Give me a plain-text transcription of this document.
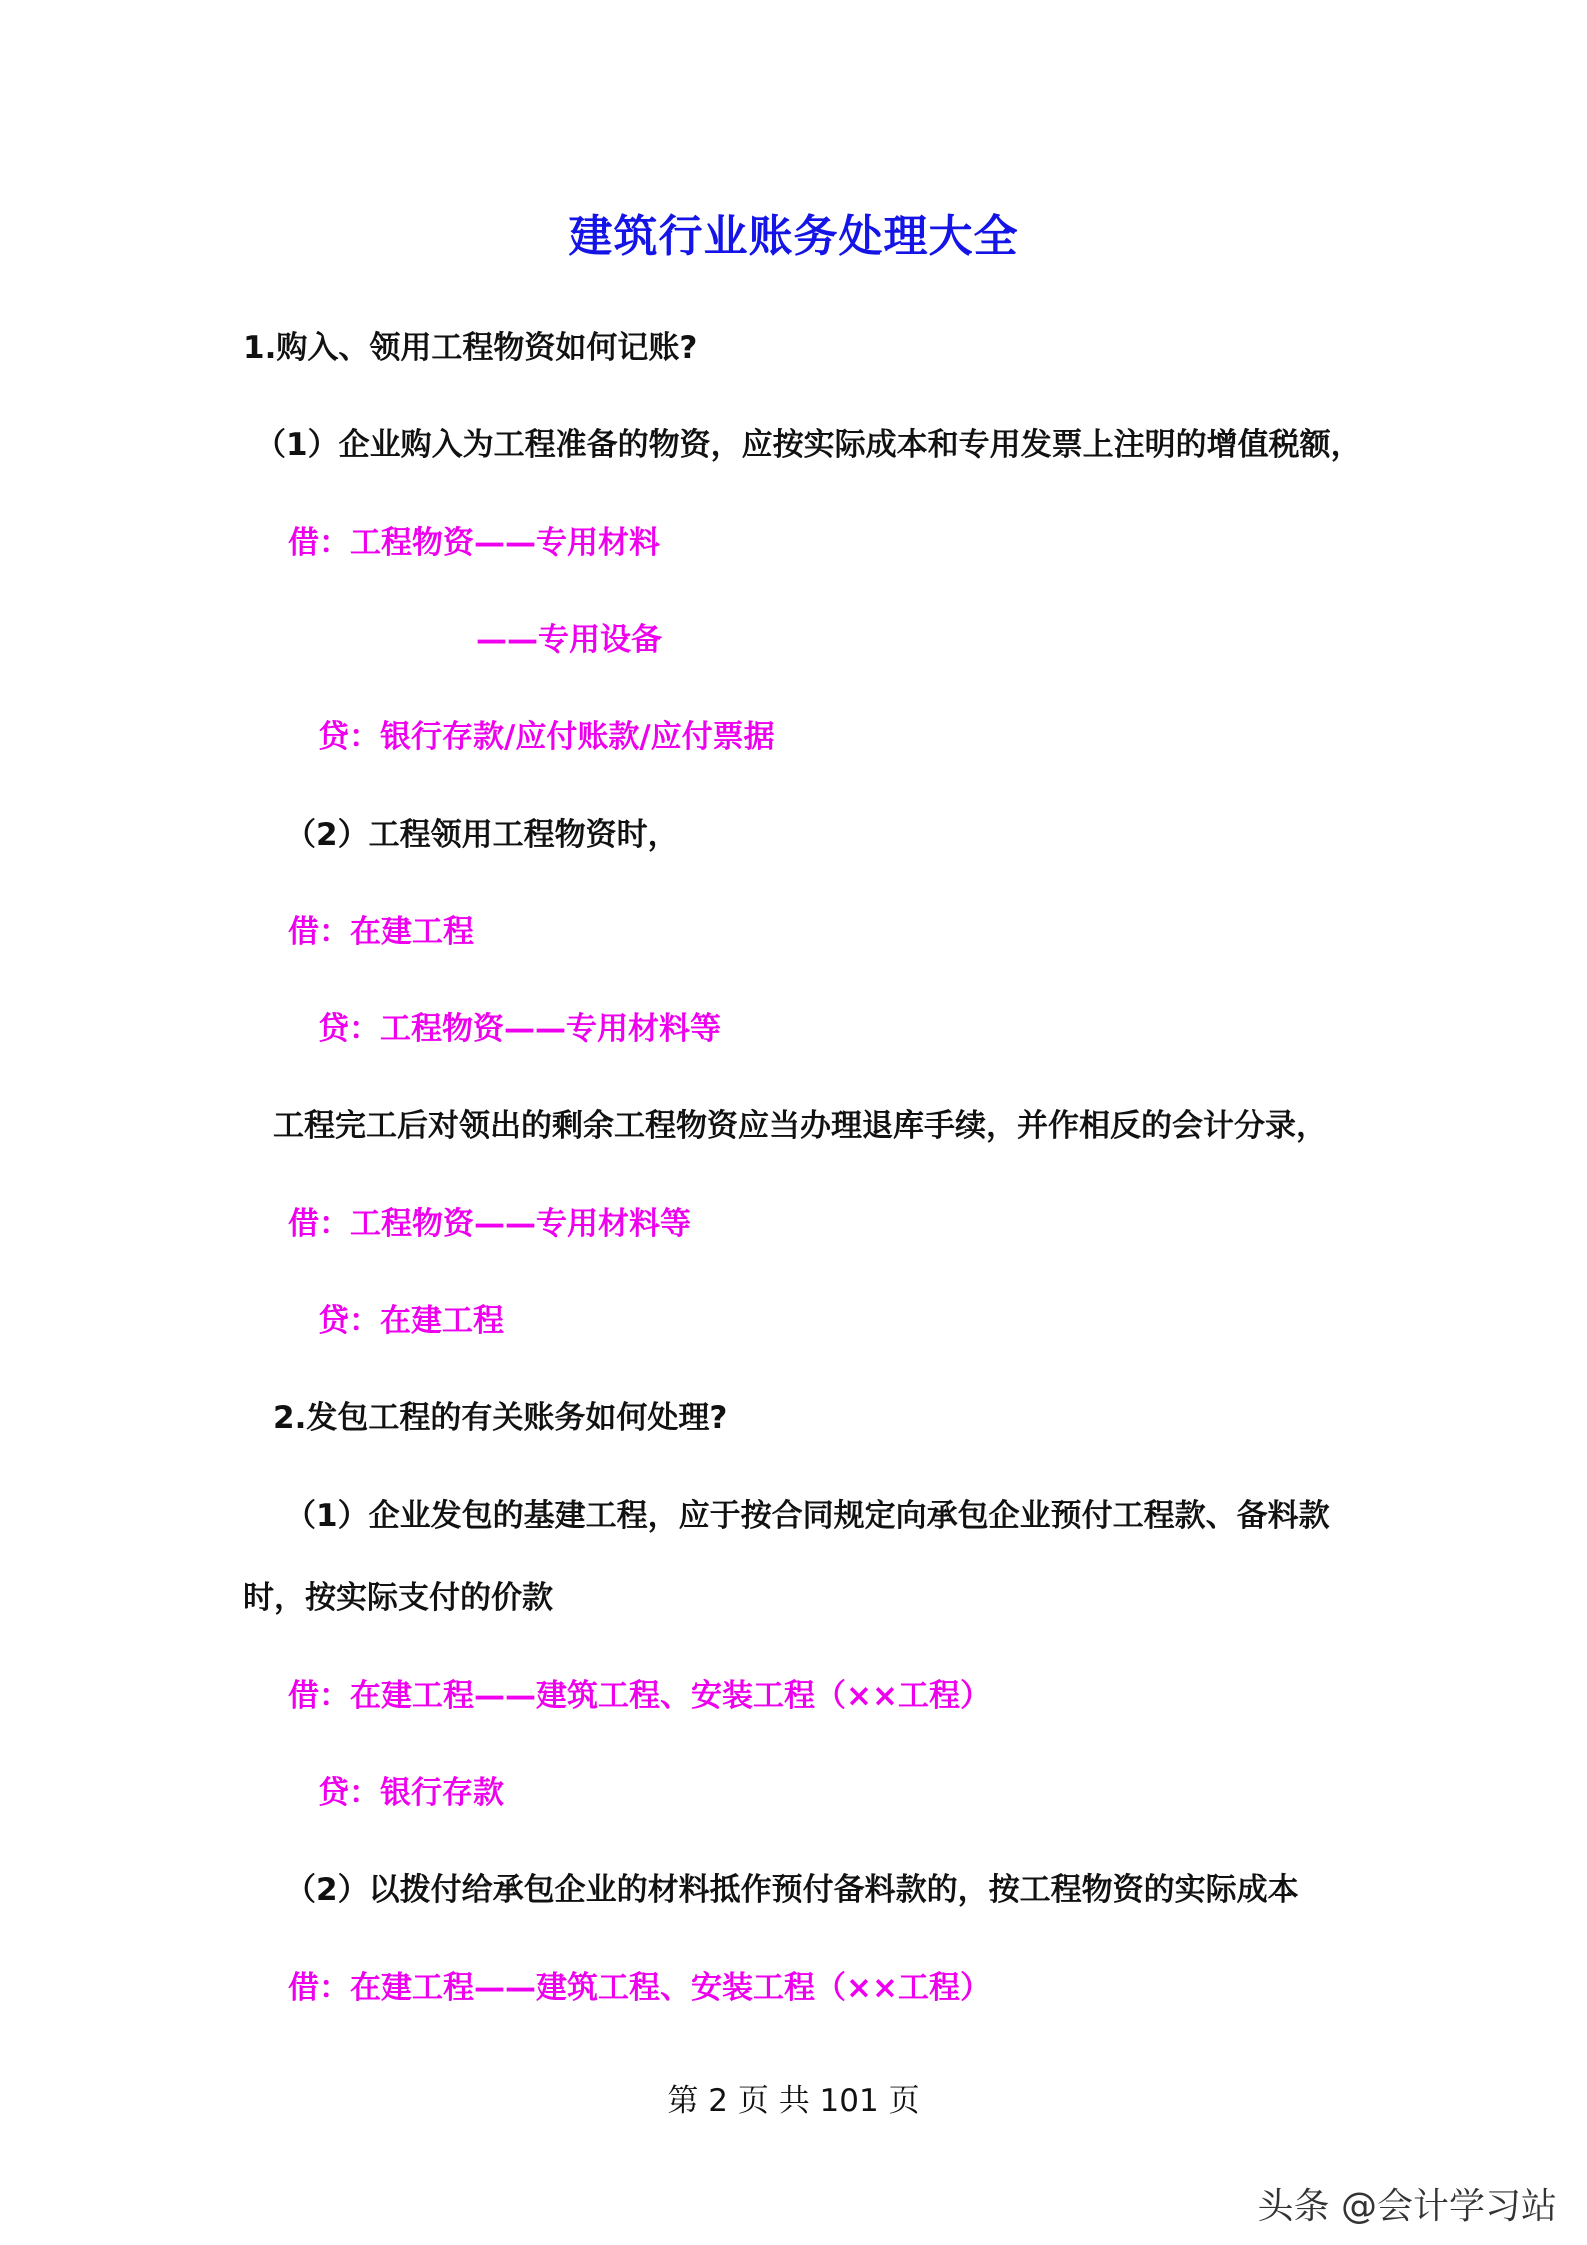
建筑行业账务处理大全
1.购入、领用工程物资如何记账?
（1）企业购入为工程准备的物资，应按实际成本和专用发票上注明的增值税额，
借：工程物资——专用材料
——专用设备
贷：银行存款/应付账款/应付票据
（2）工程领用工程物资时，
借：在建工程
贷：工程物资——专用材料等
工程完工后对领出的剩余工程物资应当办理退库手续，并作相反的会计分录，
借：工程物资——专用材料等
贷：在建工程
2.发包工程的有关账务如何处理?
（1）企业发包的基建工程，应于按合同规定向承包企业预付工程款、备料款
时，按实际支付的价款
借：在建工程——建筑工程、安装工程（××工程）
贷：银行存款
（2）以拨付给承包企业的材料抵作预付备料款的，按工程物资的实际成本
借：在建工程——建筑工程、安装工程（××工程）
第 2 页 共 101 页
头条 @会计学习站
